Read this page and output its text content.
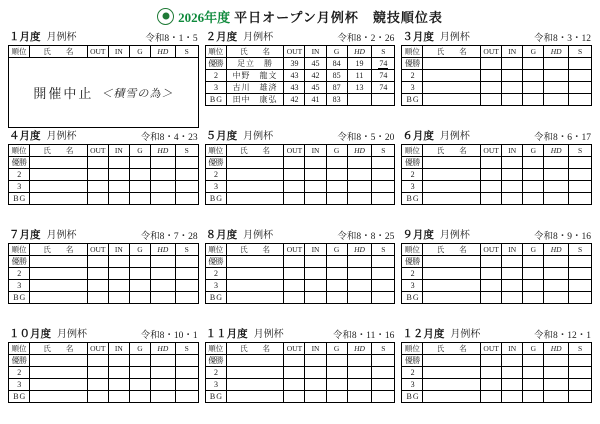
2026年度 平日オープン月例杯　競技順位表
１月度 月例杯	令和8・1・5
順位	氏　　名	OUT	IN	G	HD	S
開催中止 ＜積雪の為＞
２月度 月例杯	令和8・2・26
順位	氏　　名	OUT	IN	G	HD	S
優勝	足立　勝	39	45	84	19	74
2	中野　龍文	43	42	85	11	74
3	古川　雄済	43	45	87	13	74
B G	田中　康弘	42	41	83		
３月度 月例杯	令和8・3・12
順位	氏　　名	OUT	IN	G	HD	S
優勝						
2						
3						
B G						
４月度 月例杯	令和8・4・23
順位	氏　　名	OUT	IN	G	HD	S
優勝						
2						
3						
B G						
５月度 月例杯	令和8・5・20
順位	氏　　名	OUT	IN	G	HD	S
優勝						
2						
3						
B G						
６月度 月例杯	令和8・6・17
順位	氏　　名	OUT	IN	G	HD	S
優勝						
2						
3						
B G						
７月度 月例杯	令和8・7・28
順位	氏　　名	OUT	IN	G	HD	S
優勝						
2						
3						
B G						
８月度 月例杯	令和8・8・25
順位	氏　　名	OUT	IN	G	HD	S
優勝						
2						
3						
B G						
９月度 月例杯	令和8・9・16
順位	氏　　名	OUT	IN	G	HD	S
優勝						
2						
3						
B G						
１０月度 月例杯	令和8・10・1
順位	氏　　名	OUT	IN	G	HD	S
優勝						
2						
3						
B G						
１１月度 月例杯	令和8・11・16
順位	氏　　名	OUT	IN	G	HD	S
優勝						
2						
3						
B G						
１２月度 月例杯	令和8・12・1
順位	氏　　名	OUT	IN	G	HD	S
優勝						
2						
3						
B G						
